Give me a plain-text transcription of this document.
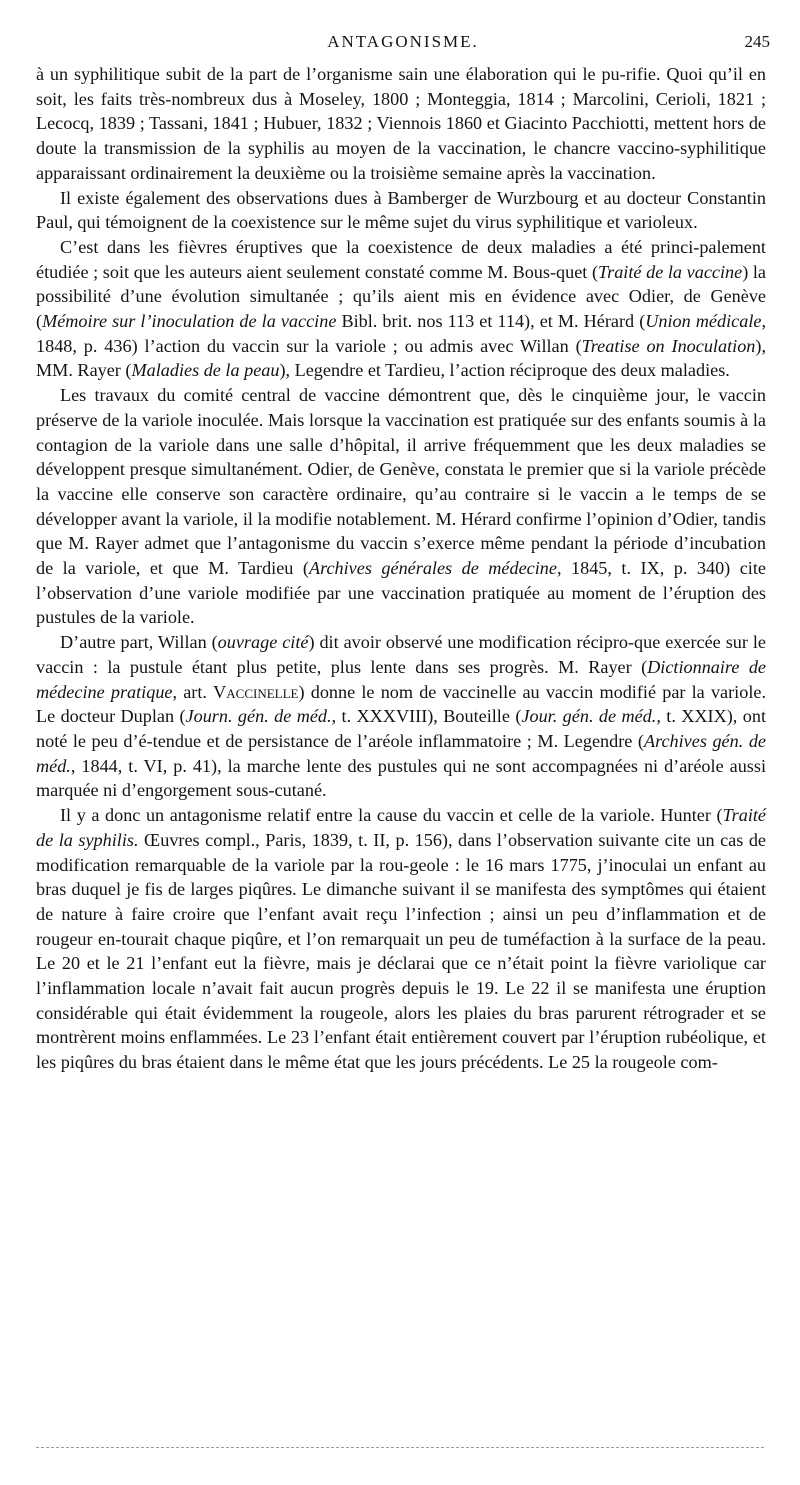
ANTAGONISME.	245

à un syphilitique subit de la part de l’organisme sain une élaboration qui le pu-rifie. Quoi qu’il en soit, les faits très-nombreux dus à Moseley, 1800 ; Monteggia, 1814 ; Marcolini, Cerioli, 1821 ; Lecocq, 1839 ; Tassani, 1841 ; Hubuer, 1832 ; Viennois 1860 et Giacinto Pacchiotti, mettent hors de doute la transmission de la syphilis au moyen de la vaccination, le chancre vaccino-syphilitique apparaissant ordinairement la deuxième ou la troisième semaine après la vaccination.

Il existe également des observations dues à Bamberger de Wurzbourg et au docteur Constantin Paul, qui témoignent de la coexistence sur le même sujet du virus syphilitique et varioleux.

C’est dans les fièvres éruptives que la coexistence de deux maladies a été princi-palement étudiée ; soit que les auteurs aient seulement constaté comme M. Bous-quet (Traité de la vaccine) la possibilité d’une évolution simultanée ; qu’ils aient mis en évidence avec Odier, de Genève (Mémoire sur l’inoculation de la vaccine Bibl. brit. nos 113 et 114), et M. Hérard (Union médicale, 1848, p. 436) l’action du vaccin sur la variole ; ou admis avec Willan (Treatise on Inoculation), MM. Rayer (Maladies de la peau), Legendre et Tardieu, l’action réciproque des deux maladies.

Les travaux du comité central de vaccine démontrent que, dès le cinquième jour, le vaccin préserve de la variole inoculée. Mais lorsque la vaccination est pratiquée sur des enfants soumis à la contagion de la variole dans une salle d’hôpital, il arrive fréquemment que les deux maladies se développent presque simultanément. Odier, de Genève, constata le premier que si la variole précède la vaccine elle conserve son caractère ordinaire, qu’au contraire si le vaccin a le temps de se développer avant la variole, il la modifie notablement. M. Hérard confirme l’opinion d’Odier, tandis que M. Rayer admet que l’antagonisme du vaccin s’exerce même pendant la période d’incubation de la variole, et que M. Tardieu (Archives générales de médecine, 1845, t. IX, p. 340) cite l’observation d’une variole modifiée par une vaccination pratiquée au moment de l’éruption des pustules de la variole.

D’autre part, Willan (ouvrage cité) dit avoir observé une modification récipro-que exercée sur le vaccin : la pustule étant plus petite, plus lente dans ses progrès. M. Rayer (Dictionnaire de médecine pratique, art. Vaccinelle) donne le nom de vaccinelle au vaccin modifié par la variole. Le docteur Duplan (Journ. gén. de méd., t. XXXVIII), Bouteille (Jour. gén. de méd., t. XXIX), ont noté le peu d’é-tendue et de persistance de l’aréole inflammatoire ; M. Legendre (Archives gén. de méd., 1844, t. VI, p. 41), la marche lente des pustules qui ne sont accompagnées ni d’aréole aussi marquée ni d’engorgement sous-cutané.

Il y a donc un antagonisme relatif entre la cause du vaccin et celle de la variole. Hunter (Traité de la syphilis. Œuvres compl., Paris, 1839, t. II, p. 156), dans l’observation suivante cite un cas de modification remarquable de la variole par la rou-geole : le 16 mars 1775, j’inoculai un enfant au bras duquel je fis de larges piqûres. Le dimanche suivant il se manifesta des symptômes qui étaient de nature à faire croire que l’enfant avait reçu l’infection ; ainsi un peu d’inflammation et de rougeur en-tourait chaque piqûre, et l’on remarquait un peu de tuméfaction à la surface de la peau. Le 20 et le 21 l’enfant eut la fièvre, mais je déclarai que ce n’était point la fièvre variolique car l’inflammation locale n’avait fait aucun progrès depuis le 19. Le 22 il se manifesta une éruption considérable qui était évidemment la rougeole, alors les plaies du bras parurent rétrograder et se montrèrent moins enflammées. Le 23 l’enfant était entièrement couvert par l’éruption rubéolique, et les piqûres du bras étaient dans le même état que les jours précédents. Le 25 la rougeole com-
